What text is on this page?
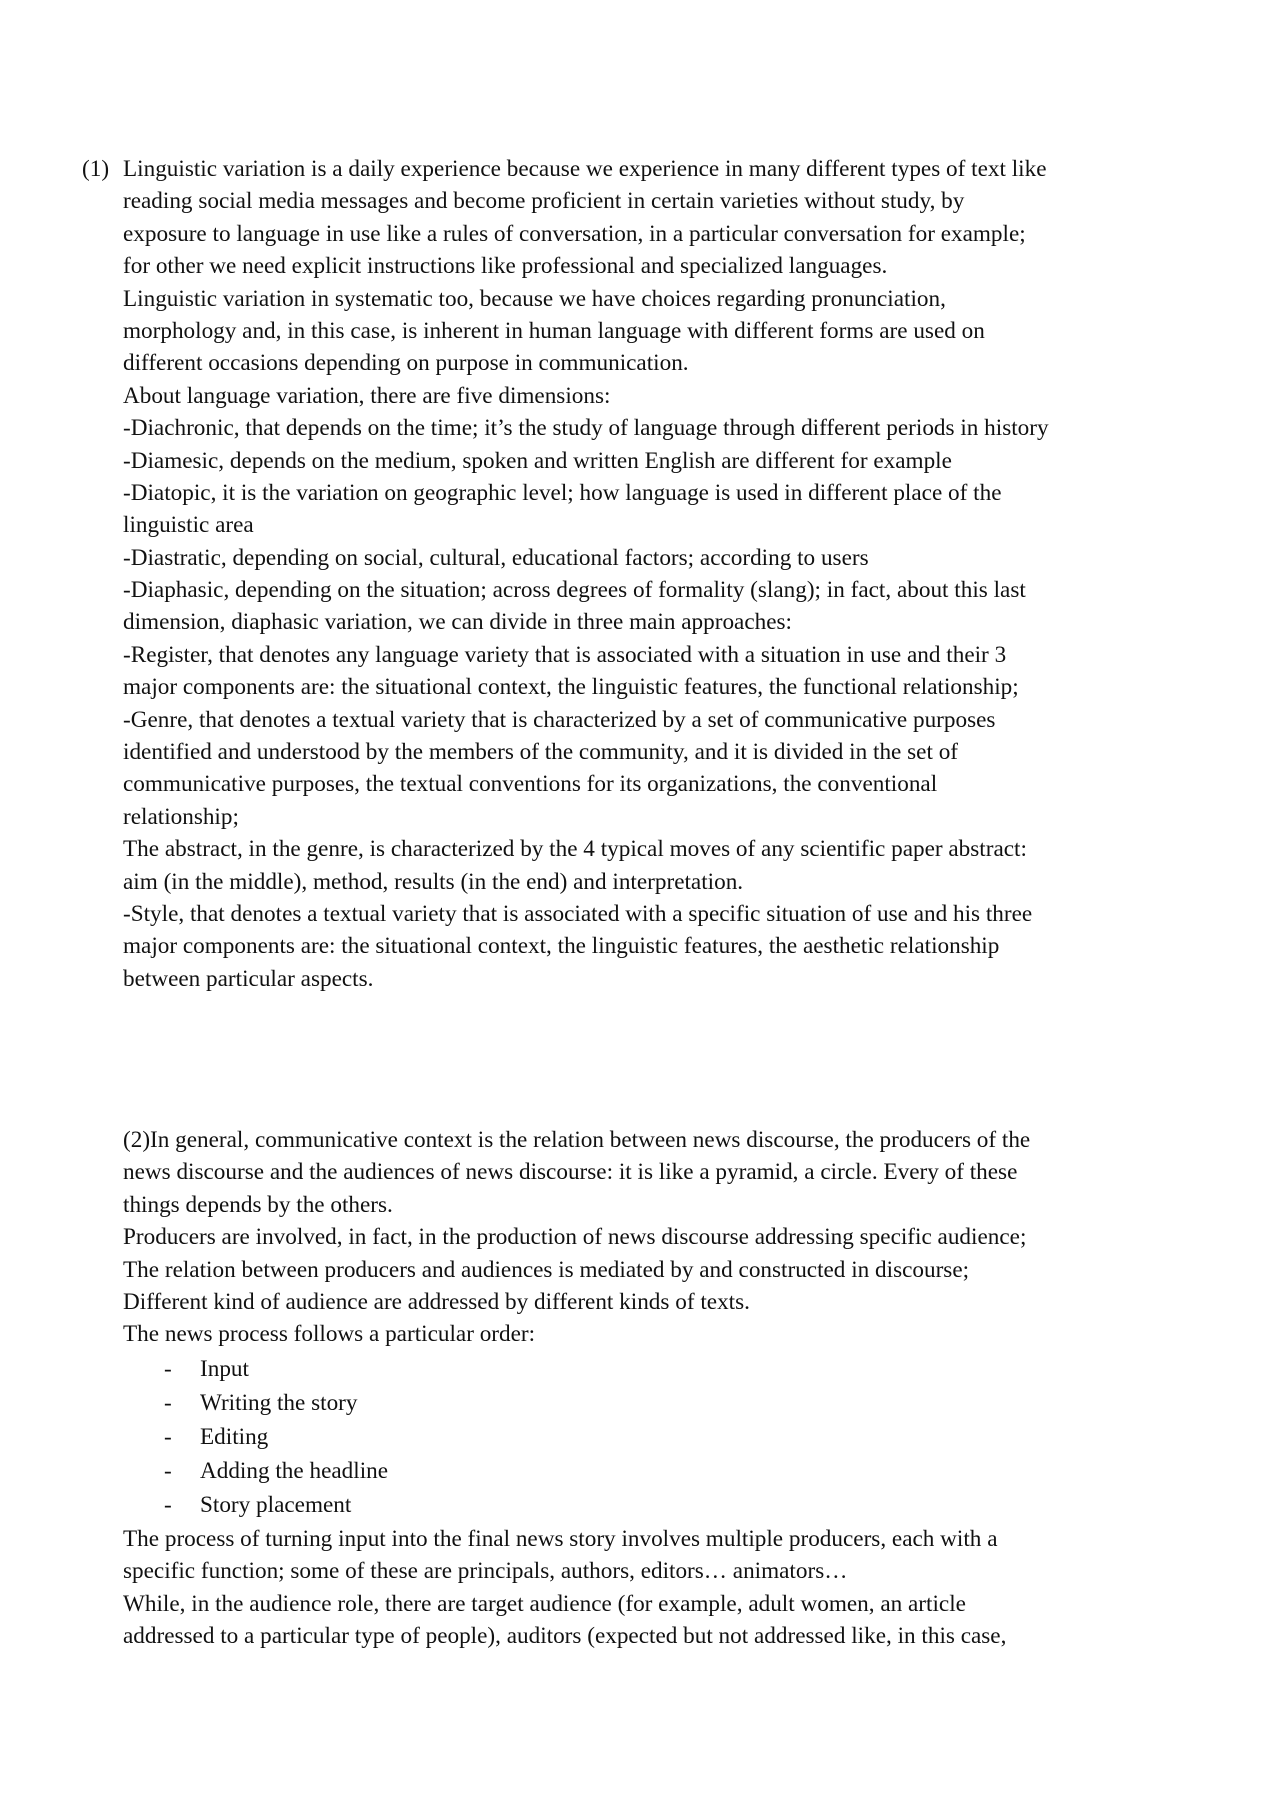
(1) Linguistic variation is a daily experience because we experience in many different types of text like
reading social media messages and become proficient in certain varieties without study, by
exposure to language in use like a rules of conversation, in a particular conversation for example;
for other we need explicit instructions like professional and specialized languages.
Linguistic variation in systematic too, because we have choices regarding pronunciation,
morphology and, in this case, is inherent in human language with different forms are used on
different occasions depending on purpose in communication.
About language variation, there are five dimensions:
-Diachronic, that depends on the time; it’s the study of language through different periods in history
-Diamesic, depends on the medium, spoken and written English are different for example
-Diatopic, it is the variation on geographic level; how language is used in different place of the
linguistic area
-Diastratic, depending on social, cultural, educational factors; according to users
-Diaphasic, depending on the situation; across degrees of formality (slang); in fact, about this last
dimension, diaphasic variation, we can divide in three main approaches:
-Register, that denotes any language variety that is associated with a situation in use and their 3
major components are: the situational context, the linguistic features, the functional relationship;
-Genre, that denotes a textual variety that is characterized by a set of communicative purposes
identified and understood by the members of the community, and it is divided in the set of
communicative purposes, the textual conventions for its organizations, the conventional
relationship;
The abstract, in the genre, is characterized by the 4 typical moves of any scientific paper abstract:
aim (in the middle), method, results (in the end) and interpretation.
-Style, that denotes a textual variety that is associated with a specific situation of use and his three
major components are: the situational context, the linguistic features, the aesthetic relationship
between particular aspects.
(2)In general, communicative context is the relation between news discourse, the producers of the
news discourse and the audiences of news discourse: it is like a pyramid, a circle. Every of these
things depends by the others.
Producers are involved, in fact, in the production of news discourse addressing specific audience;
The relation between producers and audiences is mediated by and constructed in discourse;
Different kind of audience are addressed by different kinds of texts.
The news process follows a particular order:
- Input
- Writing the story
- Editing
- Adding the headline
- Story placement
The process of turning input into the final news story involves multiple producers, each with a
specific function; some of these are principals, authors, editors… animators…
While, in the audience role, there are target audience (for example, adult women, an article
addressed to a particular type of people), auditors (expected but not addressed like, in this case,
